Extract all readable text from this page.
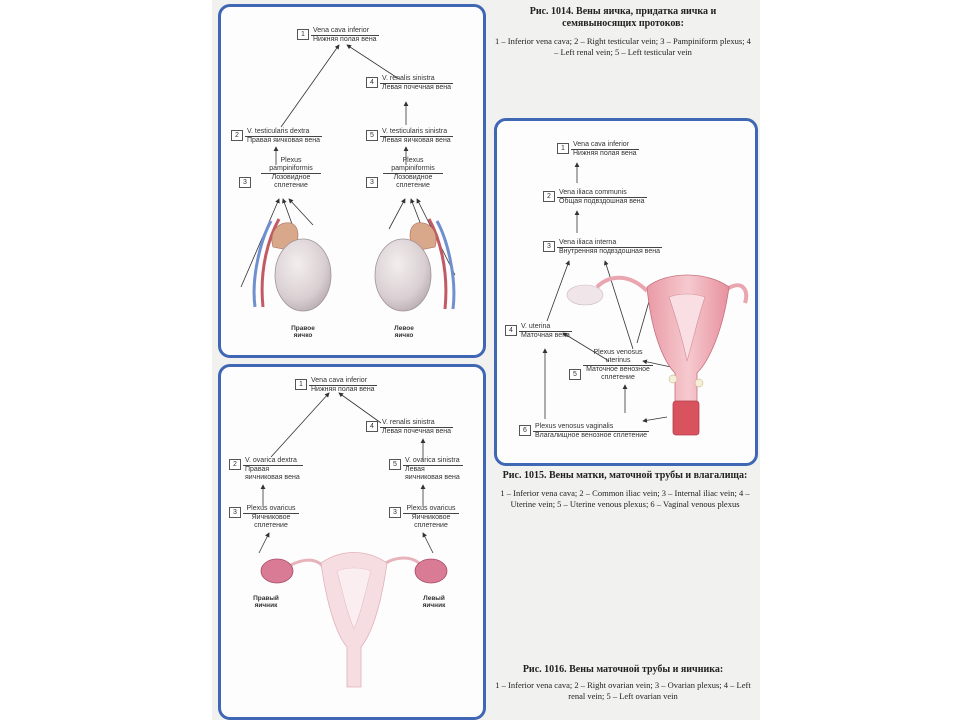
1
Vena cava inferior
Нижняя полая вена
4
V. renalis sinistra
Левая почечная вена
2
V. testicularis dextra
Правая яичковая вена
5
V. testicularis sinistra
Левая яичковая вена
Plexus
pampiniformis
Лозовидное сплетение
3
Plexus
pampiniformis
Лозовидное сплетение
3
Правое яичко
Левое яичко
Рис. 1014. Вены яичка, придатка яичка и семявыносящих протоков:
1 – Inferior vena cava; 2 – Right testicular vein; 3 – Pampiniform plexus; 4 – Left renal vein; 5 – Left testicular vein
1
Vena cava inferior
Нижняя полая вена
2
Vena iliaca communis
Общая подвздошная вена
3
Vena iliaca interna
Внутренняя подвздошная вена
4
V. uterina
Маточная вена
5
Plexus venosus uterinus
Маточное венозное сплетение
6
Plexus venosus vaginalis
Влагалищное венозное сплетение
Рис. 1015. Вены матки, маточной трубы и влагалища:
1 – Inferior vena cava; 2 – Common iliac vein; 3 – Internal iliac vein; 4 – Uterine vein; 5 – Uterine venous plexus; 6 – Vaginal venous plexus
1
Vena cava inferior
Нижняя полая вена
4
V. renalis sinistra
Левая почечная вена
2
V. ovarica dextra
Правая яичниковая вена
5
V. ovarica sinistra
Левая яичниковая вена
3
Plexus ovaricus
Яичниковое сплетение
3
Plexus ovaricus
Яичниковое сплетение
Правый яичник
Левый яичник
Рис. 1016. Вены маточной трубы и яичника:
1 – Inferior vena cava; 2 – Right ovarian vein; 3 – Ovarian plexus; 4 – Left renal vein; 5 – Left ovarian vein
